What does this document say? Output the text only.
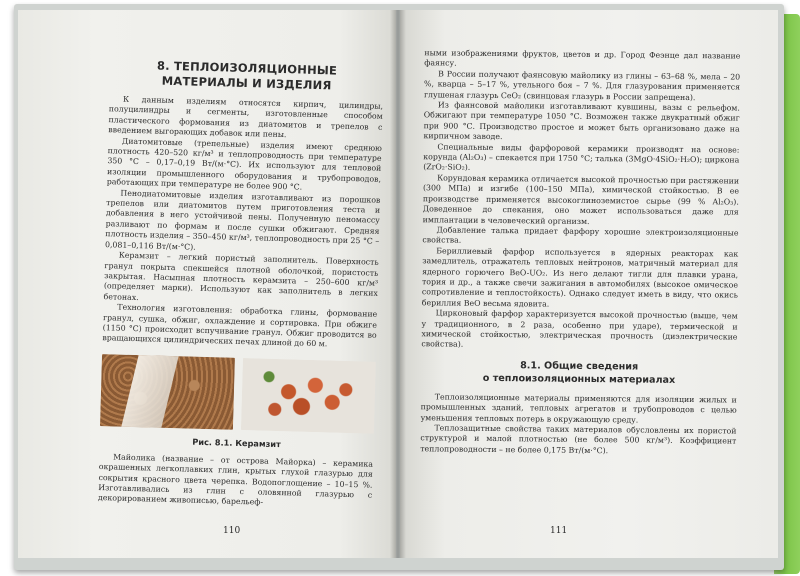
8. ТЕПЛОИЗОЛЯЦИОННЫЕ
МАТЕРИАЛЫ И ИЗДЕЛИЯ

К данным изделиям относятся кирпич, цилиндры, полуцилиндры и сегменты, изготовленные способом пластического формования из диатомитов и трепелов с введением выгорающих добавок или пены.

Диатомитовые (трепельные) изделия имеют среднюю плотность 420–520 кг/м³ и теплопроводность при температуре 350 °С – 0,17–0,19 Вт/(м·°С). Их используют для тепловой изоляции промышленного оборудования и трубопроводов, работающих при температуре не более 900 °С.

Пенодиатомитовые изделия изготавливают из порошков трепелов или диатомитов путем приготовления теста и добавления в него устойчивой пены. Полученную пеномассу разливают по формам и после сушки обжигают. Средняя плотность изделия – 350–450 кг/м³, теплопроводность при 25 °С – 0,081–0,116 Вт/(м·°С).

Керамзит – легкий пористый заполнитель. Поверхность гранул покрыта спекшейся плотной оболочкой, пористость закрытая. Насыпная плотность керамзита – 250–600 кг/м³ (определяет марки). Используют как заполнитель в легких бетонах.

Технология изготовления: обработка глины, формование гранул, сушка, обжиг, охлаждение и сортировка. При обжиге (1150 °С) происходит вспучивание гранул. Обжиг проводится во вращающихся цилиндрических печах длиной до 60 м.

Рис. 8.1. Керамзит

Майолика (название – от острова Майорка) – керамика окрашенных легкоплавких глин, крытых глухой глазурью для сокрытия красного цвета черепка. Водопоглощение – 10–15 %. Изготавливались из глин с оловянной глазурью с декорированием живописью, барельеф-

110

ными изображениями фруктов, цветов и др. Город Феэнце дал название фаянсу.

В России получают фаянсовую майолику из глины – 63–68 %, мела – 20 %, кварца – 5–17 %, утельного боя – 7 %. Для глазурования применяется глушеная глазурь CeO₂ (свинцовая глазурь в России запрещена).

Из фаянсовой майолики изготавливают кувшины, вазы с рельефом. Обжигают при температуре 1050 °С. Возможен также двукратный обжиг при 900 °С. Производство простое и может быть организовано даже на кирпичном заводе.

Специальные виды фарфоровой керамики производят на основе: корунда (Al₂O₃) – спекается при 1750 °С; талька (3MgO·4SiO₂·H₂O); циркона (ZrO₂·SiO₂).

Корундовая керамика отличается высокой прочностью при растяжении (300 МПа) и изгибе (100–150 МПа), химической стойкостью. В ее производстве применяется высокоглиноземистое сырье (99 % Al₂O₃). Доведенное до спекания, оно может использоваться даже для имплантации в человеческий организм.

Добавление талька придает фарфору хорошие электроизоляционные свойства.

Бериллиевый фарфор используется в ядерных реакторах как замедлитель, отражатель тепловых нейтронов, матричный материал для ядерного горючего BeO-UO₂. Из него делают тигли для плавки урана, тория и др., а также свечи зажигания в автомобилях (высокое омическое сопротивление и теплостойкость). Однако следует иметь в виду, что окись бериллия BeO весьма ядовита.

Цирконовый фарфор характеризуется высокой прочностью (выше, чем у традиционного, в 2 раза, особенно при ударе), термической и химической стойкостью, электрическая прочность (диэлектрические свойства).

8.1. Общие сведения
о теплоизоляционных материалах

Теплоизоляционные материалы применяются для изоляции жилых и промышленных зданий, тепловых агрегатов и трубопроводов с целью уменьшения тепловых потерь в окружающую среду.

Теплозащитные свойства таких материалов обусловлены их пористой структурой и малой плотностью (не более 500 кг/м³). Коэффициент теплопроводности – не более 0,175 Вт/(м·°С).

111
